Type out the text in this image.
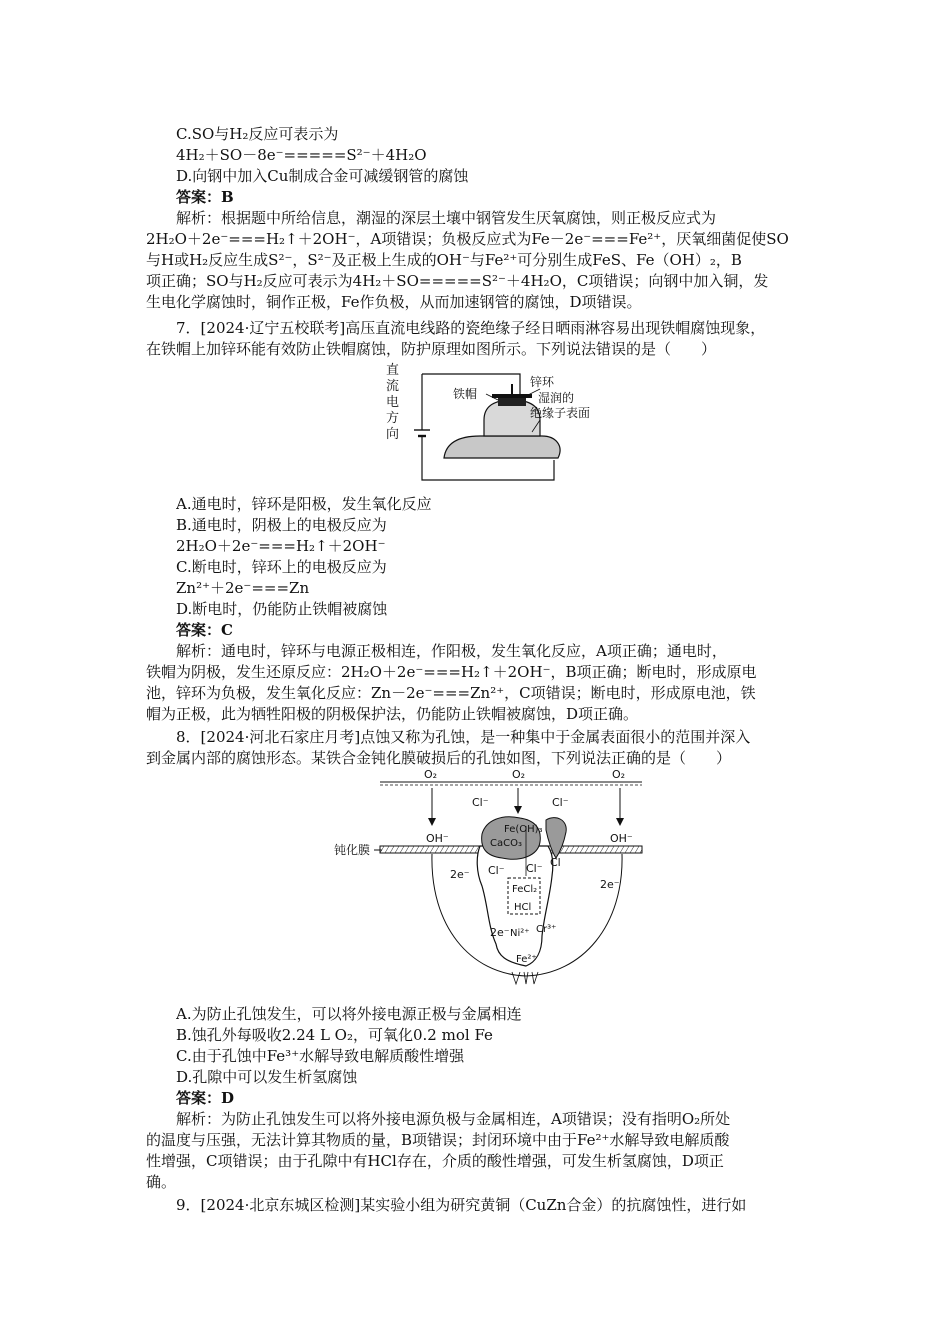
C.SO与H₂反应可表示为
4H₂＋SO－8e⁻=====S²⁻＋4H₂O
D.向钢中加入Cu制成合金可减缓钢管的腐蚀
答案：B
解析：根据题中所给信息，潮湿的深层土壤中钢管发生厌氧腐蚀，则正极反应式为
2H₂O＋2e⁻===H₂↑＋2OH⁻，A项错误；负极反应式为Fe－2e⁻===Fe²⁺，厌氧细菌促使SO
与H或H₂反应生成S²⁻，S²⁻及正极上生成的OH⁻与Fe²⁺可分别生成FeS、Fe（OH）₂，B
项正确；SO与H₂反应可表示为4H₂＋SO=====S²⁻＋4H₂O，C项错误；向钢中加入铜，发
生电化学腐蚀时，铜作正极，Fe作负极，从而加速钢管的腐蚀，D项错误。
7．[2024·辽宁五校联考]高压直流电线路的瓷绝缘子经日晒雨淋容易出现铁帽腐蚀现象，
在铁帽上加锌环能有效防止铁帽腐蚀，防护原理如图所示。下列说法错误的是（　　）
直
流
电
方
向
铁帽
锌环
湿润的
绝缘子表面
A.通电时，锌环是阳极，发生氧化反应
B.通电时，阴极上的电极反应为
2H₂O＋2e⁻===H₂↑＋2OH⁻
C.断电时，锌环上的电极反应为
Zn²⁺＋2e⁻===Zn
D.断电时，仍能防止铁帽被腐蚀
答案：C
解析：通电时，锌环与电源正极相连，作阳极，发生氧化反应，A项正确；通电时，
铁帽为阴极，发生还原反应：2H₂O＋2e⁻===H₂↑＋2OH⁻，B项正确；断电时，形成原电
池，锌环为负极，发生氧化反应：Zn－2e⁻===Zn²⁺，C项错误；断电时，形成原电池，铁
帽为正极，此为牺牲阳极的阴极保护法，仍能防止铁帽被腐蚀，D项正确。
8．[2024·河北石家庄月考]点蚀又称为孔蚀，是一种集中于金属表面很小的范围并深入
到金属内部的腐蚀形态。某铁合金钝化膜破损后的孔蚀如图，下列说法正确的是（　　）
O₂	O₂	O₂
Cl⁻	Cl⁻
Cl⁻ Cl⁻ Cl
OH⁻	OH⁻
Fe(OH)₃
CaCO₃
FeCl₂
HCl
2e⁻
2e⁻
Ni²⁺ Cr³⁺
Fe²⁺
2e⁻
钝化膜
A.为防止孔蚀发生，可以将外接电源正极与金属相连
B.蚀孔外每吸收2.24 L O₂，可氧化0.2 mol Fe
C.由于孔蚀中Fe³⁺水解导致电解质酸性增强
D.孔隙中可以发生析氢腐蚀
答案：D
解析：为防止孔蚀发生可以将外接电源负极与金属相连，A项错误；没有指明O₂所处
的温度与压强，无法计算其物质的量，B项错误；封闭环境中由于Fe²⁺水解导致电解质酸
性增强，C项错误；由于孔隙中有HCl存在，介质的酸性增强，可发生析氢腐蚀，D项正
确。
9．[2024·北京东城区检测]某实验小组为研究黄铜（CuZn合金）的抗腐蚀性，进行如
